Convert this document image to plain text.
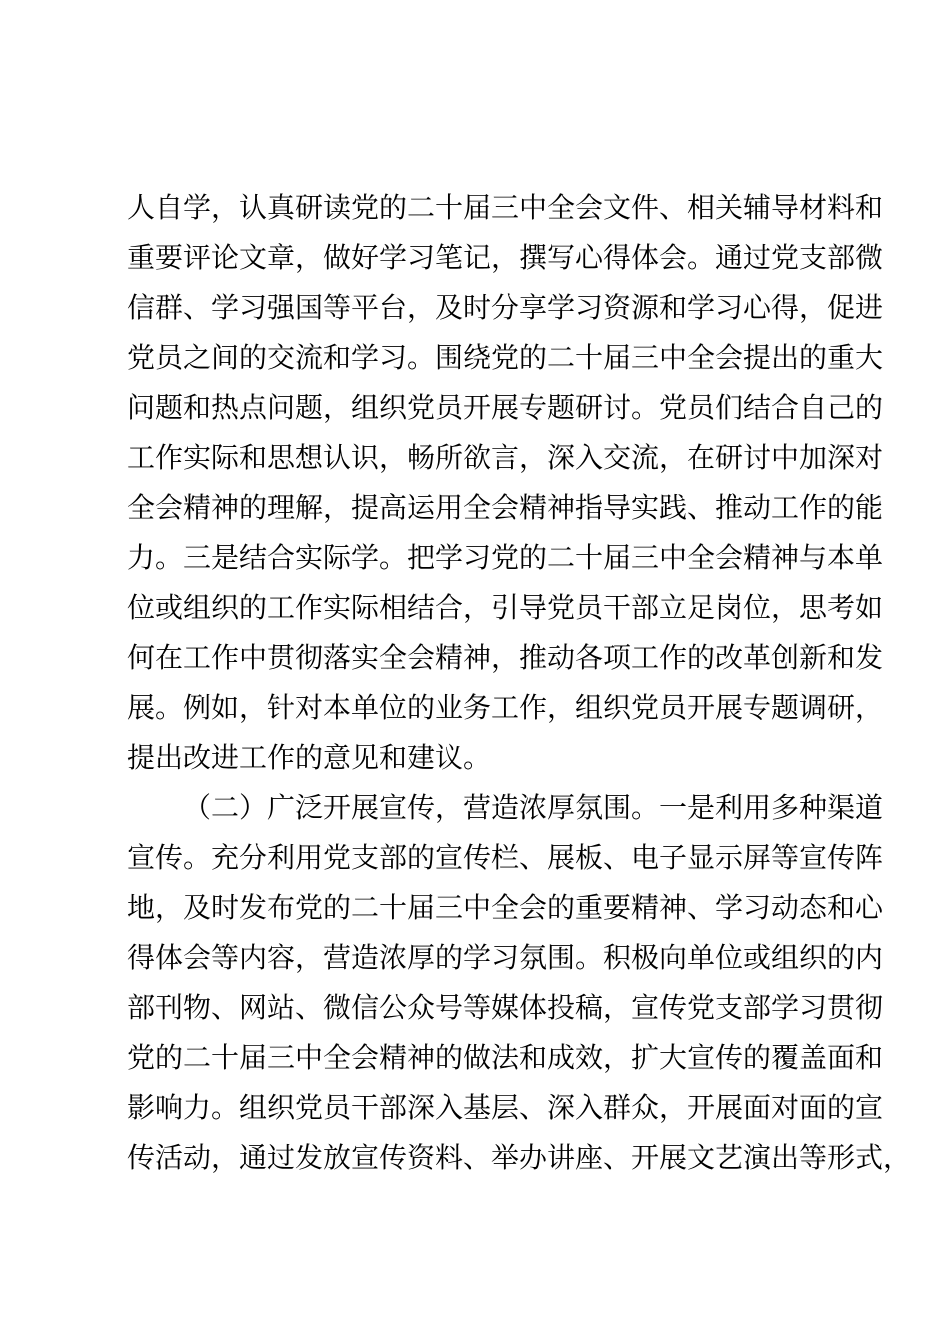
人自学，认真研读党的二十届三中全会文件、相关辅导材料和
重要评论文章，做好学习笔记，撰写心得体会。通过党支部微
信群、学习强国等平台，及时分享学习资源和学习心得，促进
党员之间的交流和学习。围绕党的二十届三中全会提出的重大
问题和热点问题，组织党员开展专题研讨。党员们结合自己的
工作实际和思想认识，畅所欲言，深入交流，在研讨中加深对
全会精神的理解，提高运用全会精神指导实践、推动工作的能
力。三是结合实际学。把学习党的二十届三中全会精神与本单
位或组织的工作实际相结合，引导党员干部立足岗位，思考如
何在工作中贯彻落实全会精神，推动各项工作的改革创新和发
展。例如，针对本单位的业务工作，组织党员开展专题调研，
提出改进工作的意见和建议。
（二）广泛开展宣传，营造浓厚氛围。一是利用多种渠道
宣传。充分利用党支部的宣传栏、展板、电子显示屏等宣传阵
地，及时发布党的二十届三中全会的重要精神、学习动态和心
得体会等内容，营造浓厚的学习氛围。积极向单位或组织的内
部刊物、网站、微信公众号等媒体投稿，宣传党支部学习贯彻
党的二十届三中全会精神的做法和成效，扩大宣传的覆盖面和
影响力。组织党员干部深入基层、深入群众，开展面对面的宣
传活动，通过发放宣传资料、举办讲座、开展文艺演出等形式，
